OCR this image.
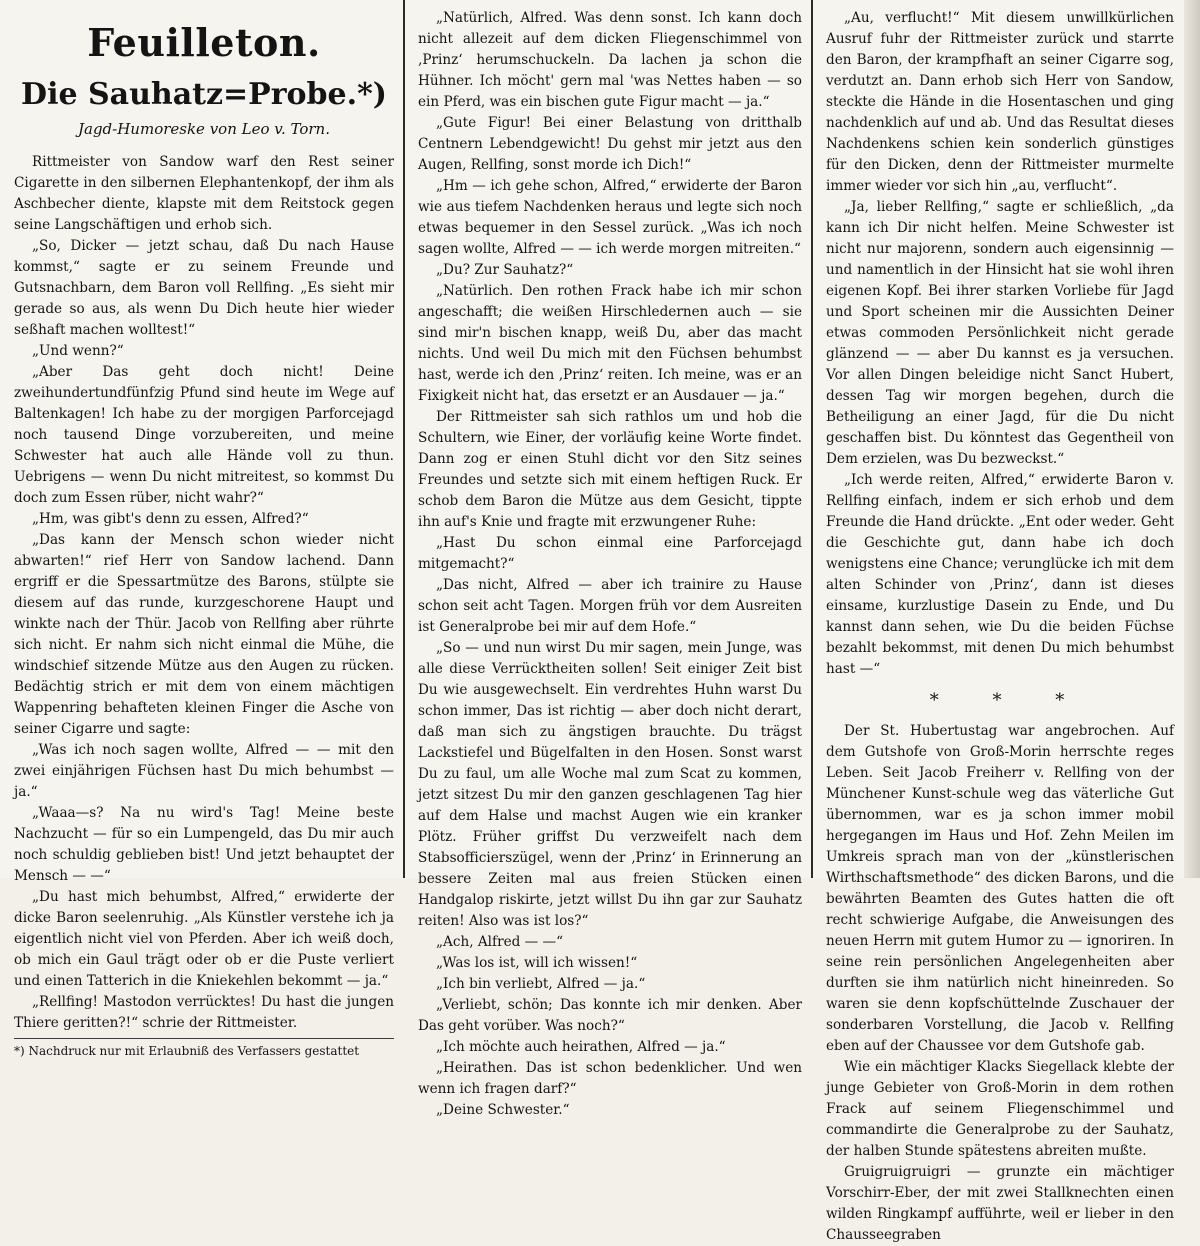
Feuilleton.
Die Sauhatz=Probe.*)
Jagd-Humoreske von Leo v. Torn.

Rittmeister von Sandow warf den Rest seiner Cigarette in den silbernen Elephantenkopf, der ihm als Aschbecher diente, klapste mit dem Reitstock gegen seine Langschäftigen und erhob sich.

„So, Dicker — jetzt schau, daß Du nach Hause kommst,“ sagte er zu seinem Freunde und Gutsnachbarn, dem Baron voll Rellfing. „Es sieht mir gerade so aus, als wenn Du Dich heute hier wieder seßhaft machen wolltest!“

„Und wenn?“

„Aber Das geht doch nicht! Deine zweihundertundfünfzig Pfund sind heute im Wege auf Baltenkagen! Ich habe zu der morgigen Parforcejagd noch tausend Dinge vorzubereiten, und meine Schwester hat auch alle Hände voll zu thun. Uebrigens — wenn Du nicht mitreitest, so kommst Du doch zum Essen rüber, nicht wahr?“

„Hm, was gibt's denn zu essen, Alfred?“

„Das kann der Mensch schon wieder nicht abwarten!“ rief Herr von Sandow lachend. Dann ergriff er die Spessartmütze des Barons, stülpte sie diesem auf das runde, kurzgeschorene Haupt und winkte nach der Thür. Jacob von Rellfing aber rührte sich nicht. Er nahm sich nicht einmal die Mühe, die windschief sitzende Mütze aus den Augen zu rücken. Bedächtig strich er mit dem von einem mächtigen Wappenring behafteten kleinen Finger die Asche von seiner Cigarre und sagte:

„Was ich noch sagen wollte, Alfred — — mit den zwei einjährigen Füchsen hast Du mich behumbst — ja.“

„Waaa—s? Na nu wird's Tag! Meine beste Nachzucht — für so ein Lumpengeld, das Du mir auch noch schuldig geblieben bist! Und jetzt behauptet der Mensch — —“

„Du hast mich behumbst, Alfred,“ erwiderte der dicke Baron seelenruhig. „Als Künstler verstehe ich ja eigentlich nicht viel von Pferden. Aber ich weiß doch, ob mich ein Gaul trägt oder ob er die Puste verliert und einen Tatterich in die Kniekehlen bekommt — ja.“

„Rellfing! Mastodon verrücktes! Du hast die jungen Thiere geritten?!“ schrie der Rittmeister.

*) Nachdruck nur mit Erlaubniß des Verfassers gestattet

„Natürlich, Alfred. Was denn sonst. Ich kann doch nicht allezeit auf dem dicken Fliegenschimmel von ‚Prinz‘ herumschuckeln. Da lachen ja schon die Hühner. Ich möcht' gern mal 'was Nettes haben — so ein Pferd, was ein bischen gute Figur macht — ja.“

„Gute Figur! Bei einer Belastung von dritthalb Centnern Lebendgewicht! Du gehst mir jetzt aus den Augen, Rellfing, sonst morde ich Dich!“

„Hm — ich gehe schon, Alfred,“ erwiderte der Baron wie aus tiefem Nachdenken heraus und legte sich noch etwas bequemer in den Sessel zurück. „Was ich noch sagen wollte, Alfred — — ich werde morgen mitreiten.“

„Du? Zur Sauhatz?“

„Natürlich. Den rothen Frack habe ich mir schon angeschafft; die weißen Hirschledernen auch — sie sind mir'n bischen knapp, weiß Du, aber das macht nichts. Und weil Du mich mit den Füchsen behumbst hast, werde ich den ‚Prinz‘ reiten. Ich meine, was er an Fixigkeit nicht hat, das ersetzt er an Ausdauer — ja.“

Der Rittmeister sah sich rathlos um und hob die Schultern, wie Einer, der vorläufig keine Worte findet. Dann zog er einen Stuhl dicht vor den Sitz seines Freundes und setzte sich mit einem heftigen Ruck. Er schob dem Baron die Mütze aus dem Gesicht, tippte ihn auf's Knie und fragte mit erzwungener Ruhe:

„Hast Du schon einmal eine Parforcejagd mitgemacht?“

„Das nicht, Alfred — aber ich trainire zu Hause schon seit acht Tagen. Morgen früh vor dem Ausreiten ist Generalprobe bei mir auf dem Hofe.“

„So — und nun wirst Du mir sagen, mein Junge, was alle diese Verrücktheiten sollen! Seit einiger Zeit bist Du wie ausgewechselt. Ein verdrehtes Huhn warst Du schon immer, Das ist richtig — aber doch nicht derart, daß man sich zu ängstigen brauchte. Du trägst Lackstiefel und Bügelfalten in den Hosen. Sonst warst Du zu faul, um alle Woche mal zum Scat zu kommen, jetzt sitzest Du mir den ganzen geschlagenen Tag hier auf dem Halse und machst Augen wie ein kranker Plötz. Früher griffst Du verzweifelt nach dem Stabsofficierszügel, wenn der ‚Prinz‘ in Erinnerung an bessere Zeiten mal aus freien Stücken einen Handgalop riskirte, jetzt willst Du ihn gar zur Sauhatz reiten! Also was ist los?“

„Ach, Alfred — —“

„Was los ist, will ich wissen!“

„Ich bin verliebt, Alfred — ja.“

„Verliebt, schön; Das konnte ich mir denken. Aber Das geht vorüber. Was noch?“

„Ich möchte auch heirathen, Alfred — ja.“

„Heirathen. Das ist schon bedenklicher. Und wen wenn ich fragen darf?“

„Deine Schwester.“

„Au, verflucht!“ Mit diesem unwillkürlichen Ausruf fuhr der Rittmeister zurück und starrte den Baron, der krampfhaft an seiner Cigarre sog, verdutzt an. Dann erhob sich Herr von Sandow, steckte die Hände in die Hosentaschen und ging nachdenklich auf und ab. Und das Resultat dieses Nachdenkens schien kein sonderlich günstiges für den Dicken, denn der Rittmeister murmelte immer wieder vor sich hin „au, verflucht“.

„Ja, lieber Rellfing,“ sagte er schließlich, „da kann ich Dir nicht helfen. Meine Schwester ist nicht nur majorenn, sondern auch eigensinnig — und namentlich in der Hinsicht hat sie wohl ihren eigenen Kopf. Bei ihrer starken Vorliebe für Jagd und Sport scheinen mir die Aussichten Deiner etwas commoden Persönlichkeit nicht gerade glänzend — — aber Du kannst es ja versuchen. Vor allen Dingen beleidige nicht Sanct Hubert, dessen Tag wir morgen begehen, durch die Betheiligung an einer Jagd, für die Du nicht geschaffen bist. Du könntest das Gegentheil von Dem erzielen, was Du bezweckst.“

„Ich werde reiten, Alfred,“ erwiderte Baron v. Rellfing einfach, indem er sich erhob und dem Freunde die Hand drückte. „Ent oder weder. Geht die Geschichte gut, dann habe ich doch wenigstens eine Chance; verunglücke ich mit dem alten Schinder von ‚Prinz‘, dann ist dieses einsame, kurzlustige Dasein zu Ende, und Du kannst dann sehen, wie Du die beiden Füchse bezahlt bekommst, mit denen Du mich behumbst hast —“

* * *

Der St. Hubertustag war angebrochen. Auf dem Gutshofe von Groß-Morin herrschte reges Leben. Seit Jacob Freiherr v. Rellfing von der Münchener Kunst-schule weg das väterliche Gut übernommen, war es ja schon immer mobil hergegangen im Haus und Hof. Zehn Meilen im Umkreis sprach man von der „künstlerischen Wirthschaftsmethode“ des dicken Barons, und die bewährten Beamten des Gutes hatten die oft recht schwierige Aufgabe, die Anweisungen des neuen Herrn mit gutem Humor zu — ignoriren. In seine rein persönlichen Angelegenheiten aber durften sie ihm natürlich nicht hineinreden. So waren sie denn kopfschüttelnde Zuschauer der sonderbaren Vorstellung, die Jacob v. Rellfing eben auf der Chaussee vor dem Gutshofe gab.

Wie ein mächtiger Klacks Siegellack klebte der junge Gebieter von Groß-Morin in dem rothen Frack auf seinem Fliegenschimmel und commandirte die Generalprobe zu der Sauhatz, der halben Stunde spätestens abreiten mußte.

Gruigruigruigri — grunzte ein mächtiger Vorschirr-Eber, der mit zwei Stallknechten einen wilden Ringkampf aufführte, weil er lieber in den Chausseegraben
